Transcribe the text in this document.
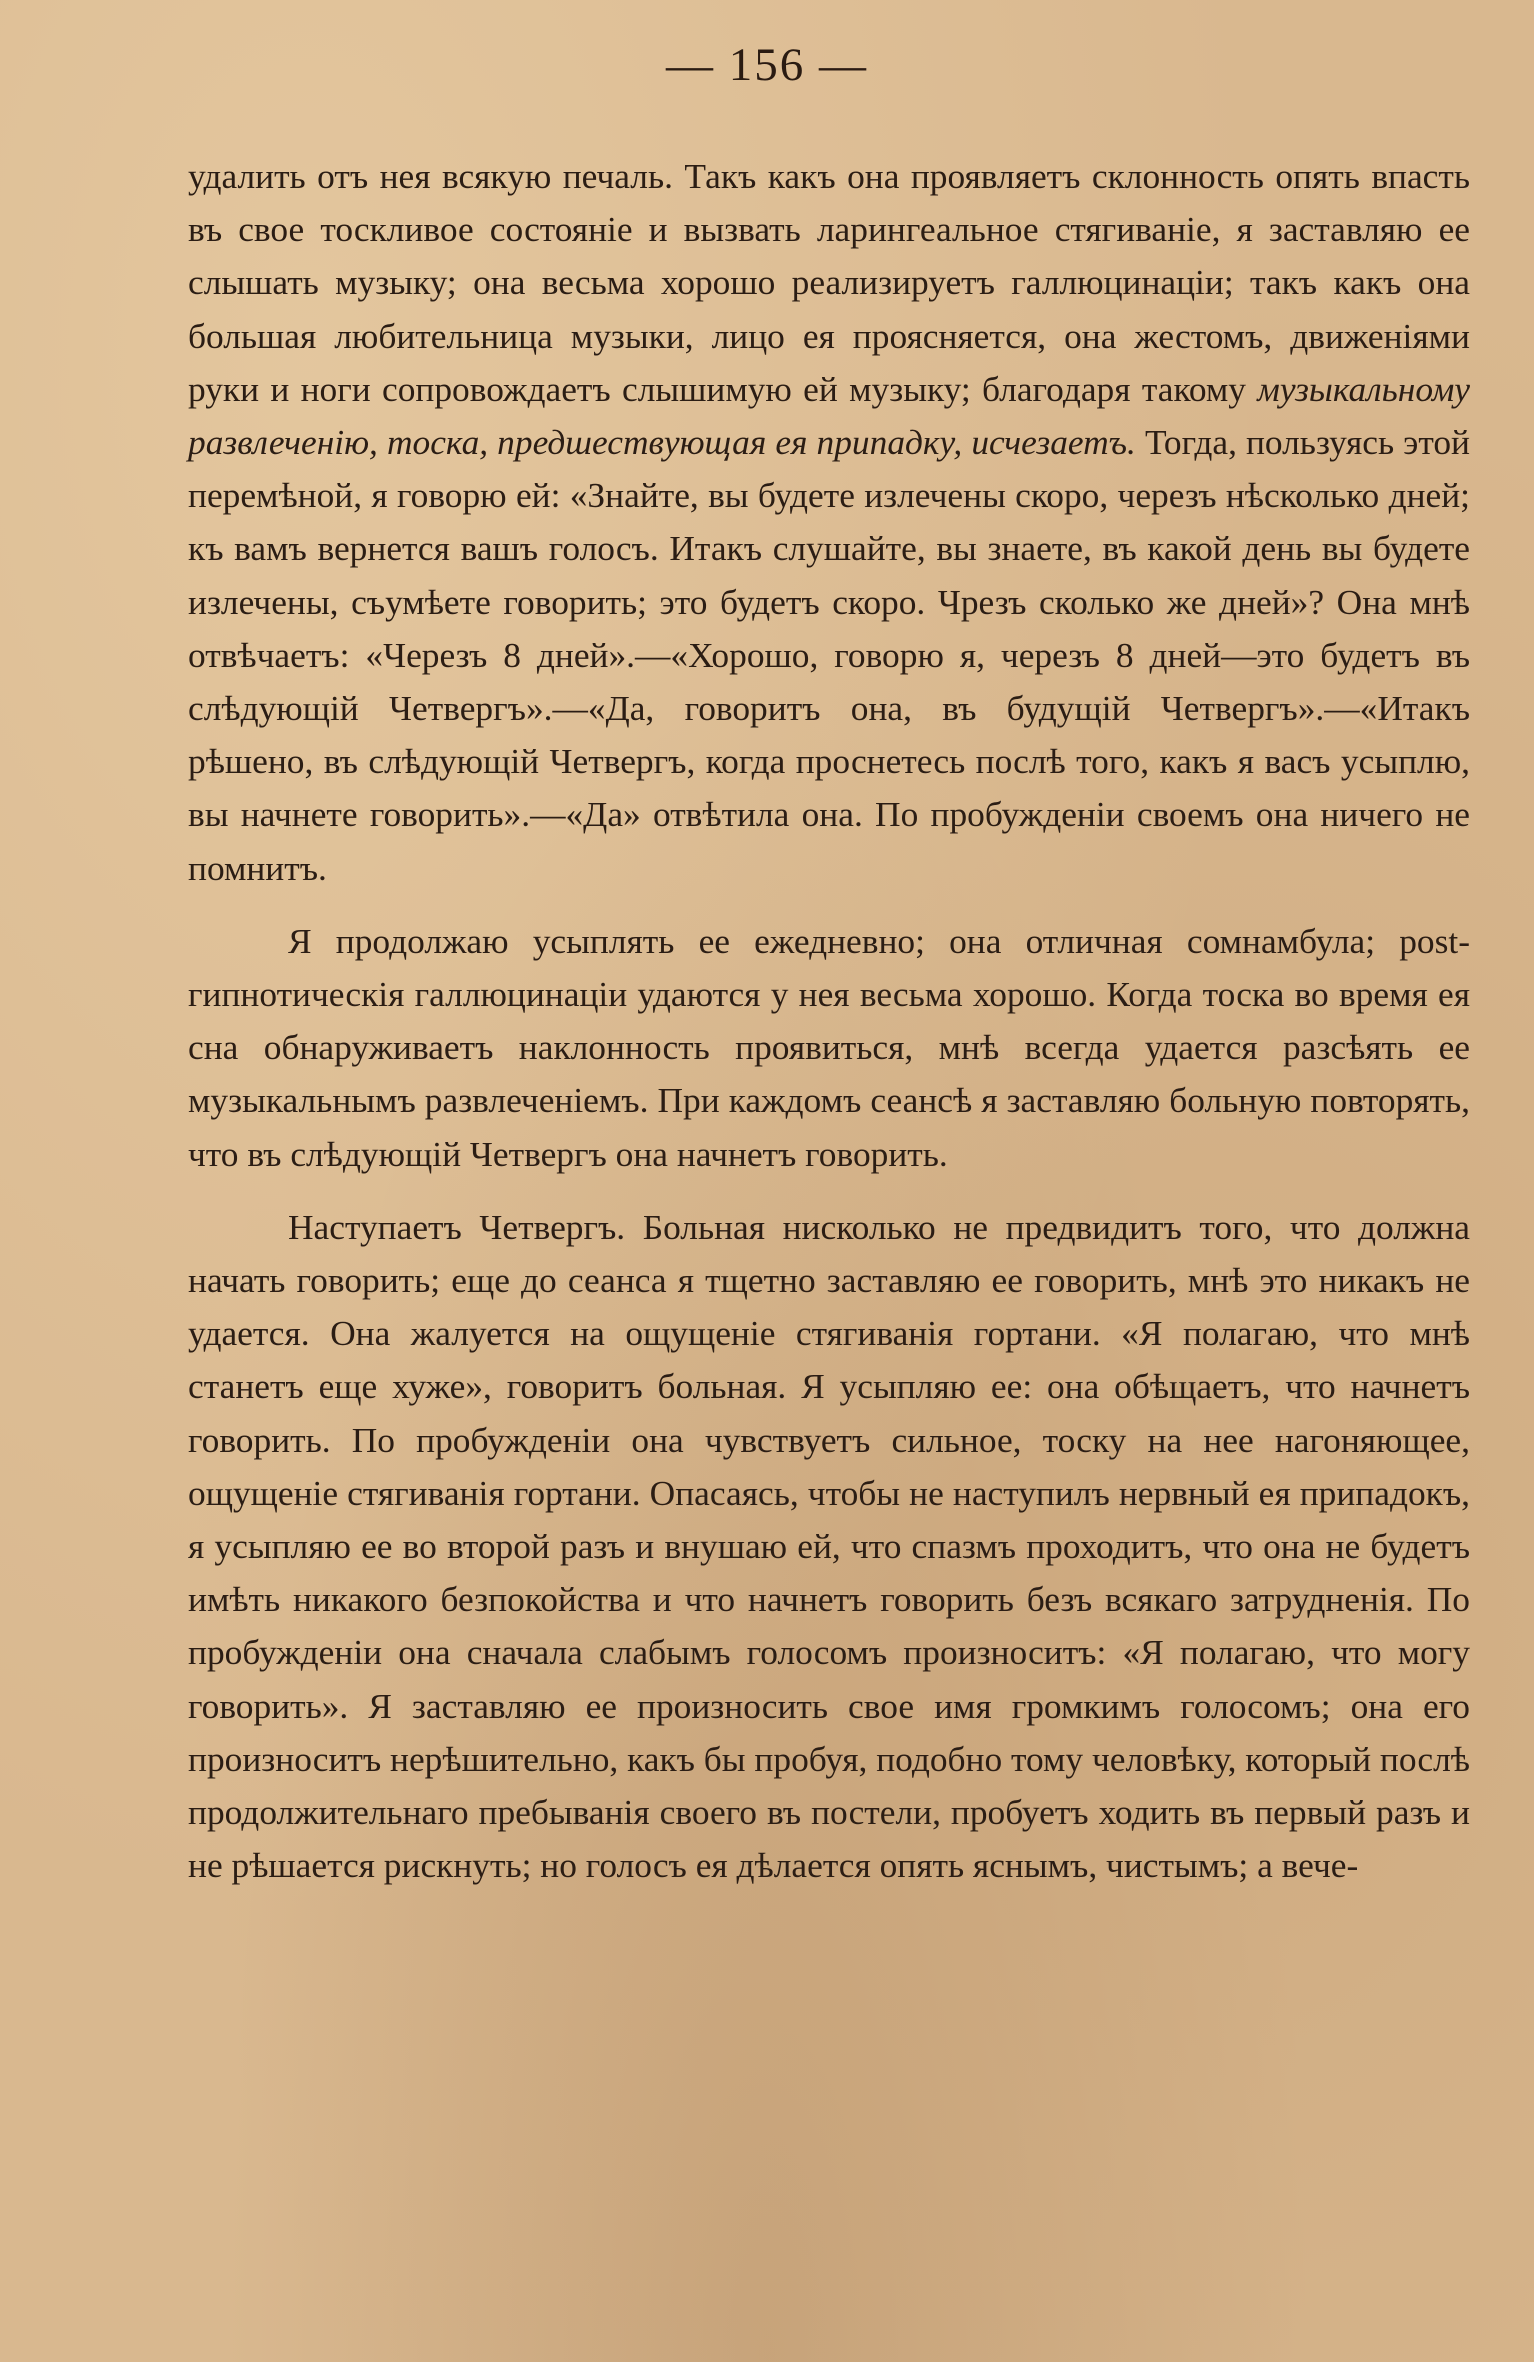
— 156 —

удалить отъ нея всякую печаль. Такъ какъ она проявляетъ склонность опять впасть въ свое тоскливое состояніе и вызвать ларингеальное стягиваніе, я заставляю ее слышать музыку; она весьма хорошо реализируетъ галлюцинаціи; такъ какъ она большая любительница музыки, лицо ея проясняется, она жестомъ, движеніями руки и ноги сопровождаетъ слышимую ей музыку; благодаря такому музыкальному развлеченію, тоска, предшествующая ея припадку, исчезаетъ. Тогда, пользуясь этой перемѣной, я говорю ей: «Знайте, вы будете излечены скоро, черезъ нѣсколько дней; къ вамъ вернется вашъ голосъ. Итакъ слушайте, вы знаете, въ какой день вы будете излечены, съумѣете говорить; это будетъ скоро. Чрезъ сколько же дней»? Она мнѣ отвѣчаетъ: «Черезъ 8 дней».—«Хорошо, говорю я, черезъ 8 дней—это будетъ въ слѣдующій Четвергъ».—«Да, говоритъ она, въ будущій Четвергъ».—«Итакъ рѣшено, въ слѣдующій Четвергъ, когда проснетесь послѣ того, какъ я васъ усыплю, вы начнете говорить».—«Да» отвѣтила она. По пробужденіи своемъ она ничего не помнитъ.

Я продолжаю усыплять ее ежедневно; она отличная сомнамбула; post-гипнотическія галлюцинаціи удаются у нея весьма хорошо. Когда тоска во время ея сна обнаруживаетъ наклонность проявиться, мнѣ всегда удается разсѣять ее музыкальнымъ развлеченіемъ. При каждомъ сеансѣ я заставляю больную повторять, что въ слѣдующій Четвергъ она начнетъ говорить.

Наступаетъ Четвергъ. Больная нисколько не предвидитъ того, что должна начать говорить; еще до сеанса я тщетно заставляю ее говорить, мнѣ это никакъ не удается. Она жалуется на ощущеніе стягиванія гортани. «Я полагаю, что мнѣ станетъ еще хуже», говоритъ больная. Я усыпляю ее: она обѣщаетъ, что начнетъ говорить. По пробужденіи она чувствуетъ сильное, тоску на нее нагоняющее, ощущеніе стягиванія гортани. Опасаясь, чтобы не наступилъ нервный ея припадокъ, я усыпляю ее во второй разъ и внушаю ей, что спазмъ проходитъ, что она не будетъ имѣть никакого безпокойства и что начнетъ говорить безъ всякаго затрудненія. По пробужденіи она сначала слабымъ голосомъ произноситъ: «Я полагаю, что могу говорить». Я заставляю ее произносить свое имя громкимъ голосомъ; она его произноситъ нерѣшительно, какъ бы пробуя, подобно тому человѣку, который послѣ продолжительнаго пребыванія своего въ постели, пробуетъ ходить въ первый разъ и не рѣшается рискнуть; но голосъ ея дѣлается опять яснымъ, чистымъ; а вече-
